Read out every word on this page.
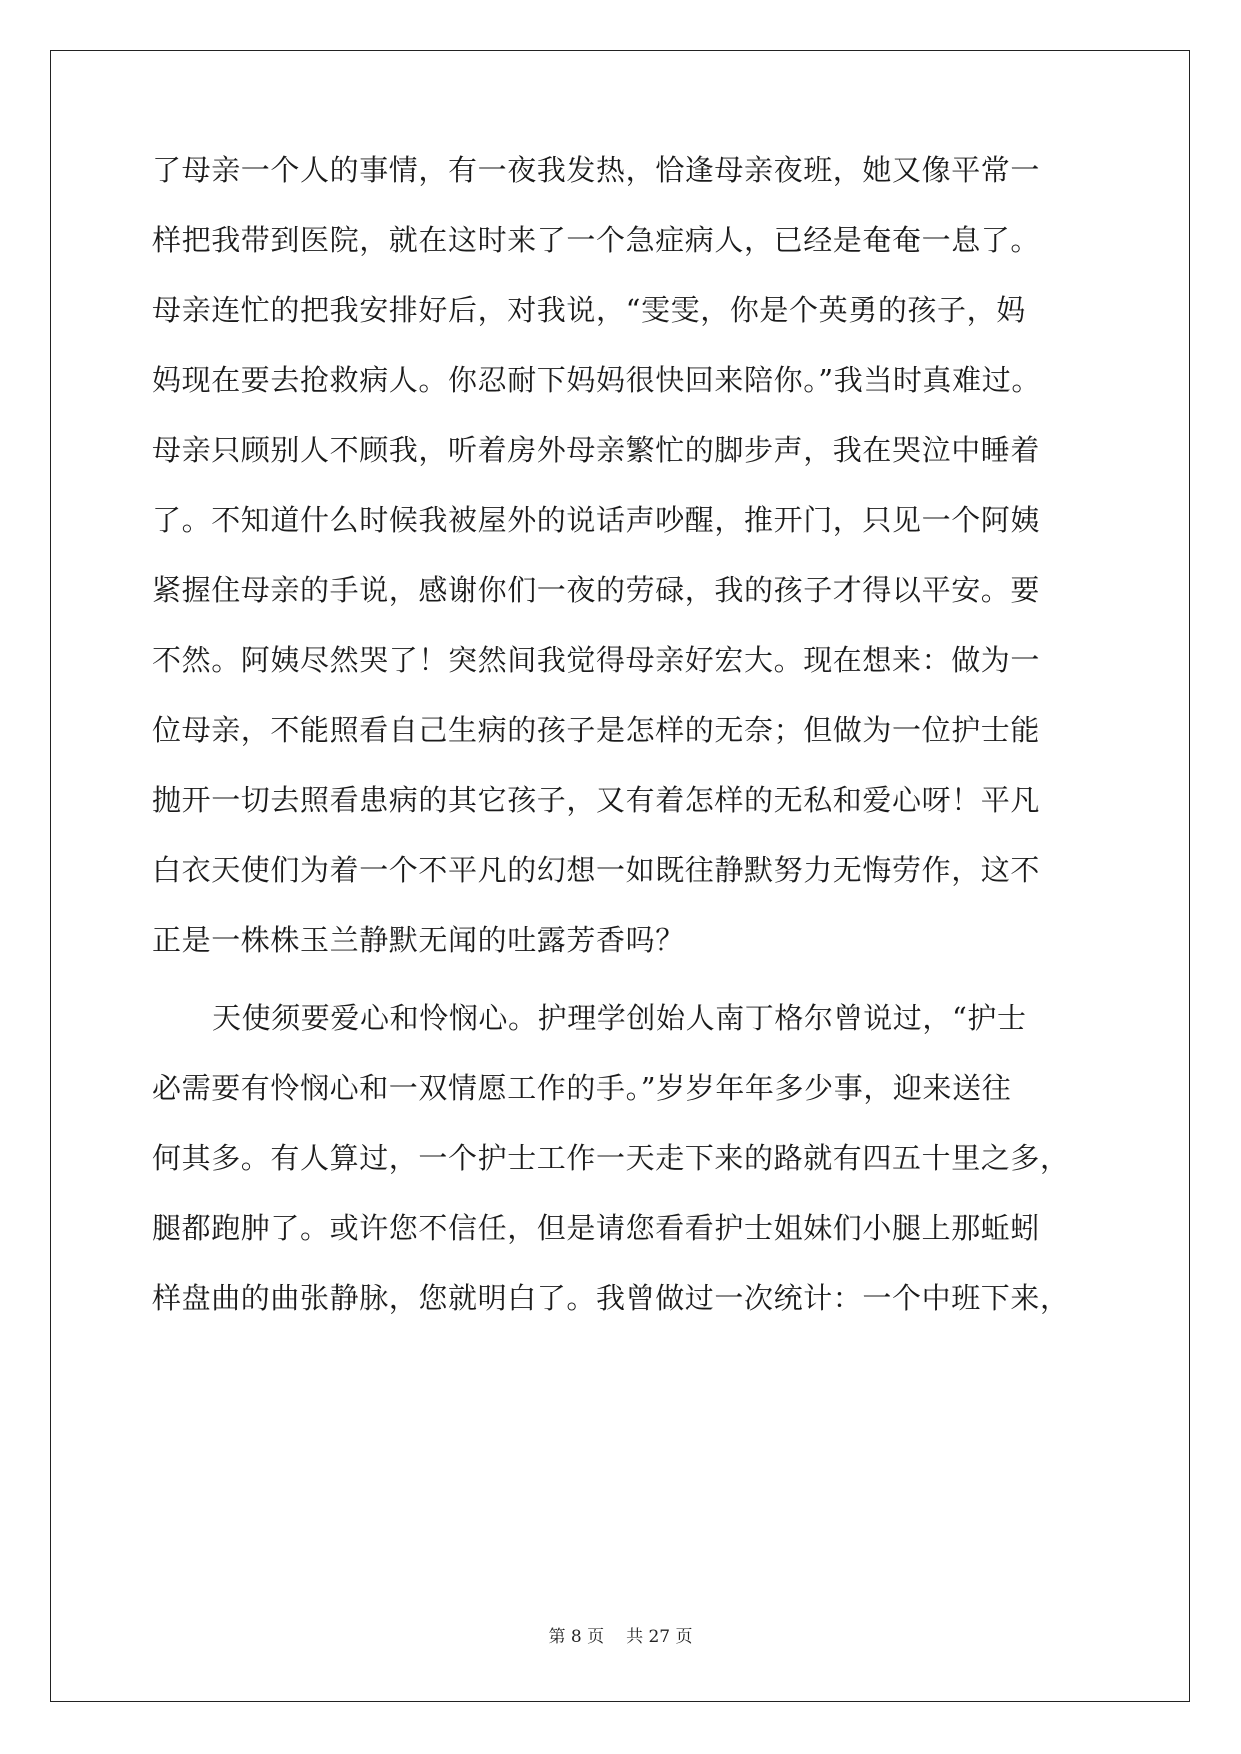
了母亲一个人的事情，有一夜我发热，恰逢母亲夜班，她又像平常一
样把我带到医院，就在这时来了一个急症病人，已经是奄奄一息了。
母亲连忙的把我安排好后，对我说，“雯雯，你是个英勇的孩子，妈
妈现在要去抢救病人。你忍耐下妈妈很快回来陪你。”我当时真难过。
母亲只顾别人不顾我，听着房外母亲繁忙的脚步声，我在哭泣中睡着
了。不知道什么时候我被屋外的说话声吵醒，推开门，只见一个阿姨
紧握住母亲的手说，感谢你们一夜的劳碌，我的孩子才得以平安。要
不然。阿姨尽然哭了！突然间我觉得母亲好宏大。现在想来：做为一
位母亲，不能照看自己生病的孩子是怎样的无奈；但做为一位护士能
抛开一切去照看患病的其它孩子，又有着怎样的无私和爱心呀！平凡
白衣天使们为着一个不平凡的幻想一如既往静默努力无悔劳作，这不
正是一株株玉兰静默无闻的吐露芳香吗？
天使须要爱心和怜悯心。护理学创始人南丁格尔曾说过，“护士
必需要有怜悯心和一双情愿工作的手。”岁岁年年多少事，迎来送往
何其多。有人算过，一个护士工作一天走下来的路就有四五十里之多，
腿都跑肿了。或许您不信任，但是请您看看护士姐妹们小腿上那蚯蚓
样盘曲的曲张静脉，您就明白了。我曾做过一次统计：一个中班下来，
第 8 页 共 27 页
